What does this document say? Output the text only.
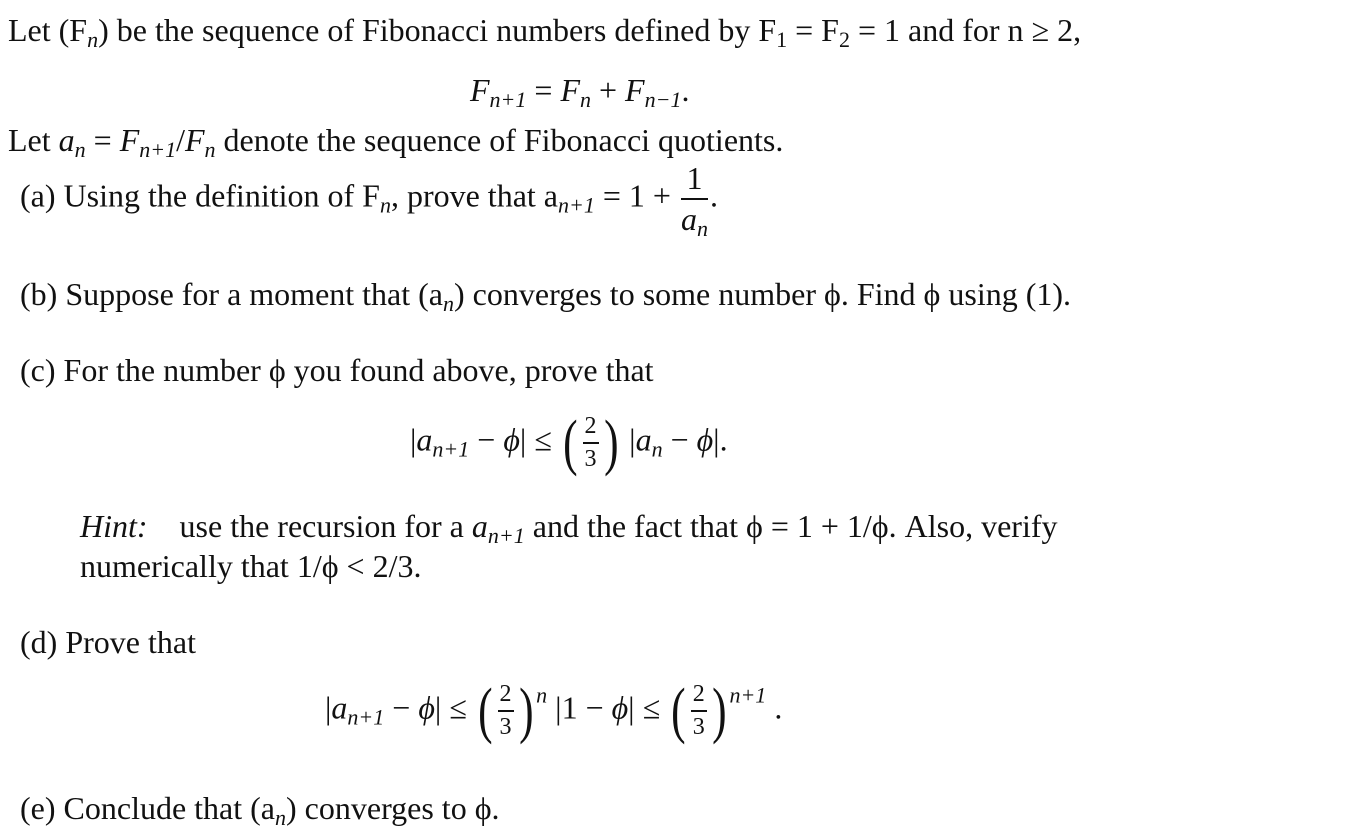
Let $(F_n)$ be the sequence of Fibonacci numbers defined by $F_1 = F_2 = 1$ and for n ≥ 2,
$F_{n+1} = F_n + F_{n-1}$.
Let $a_n = F_{n+1}/F_n$ denote the sequence of Fibonacci quotients.
(a) Using the definition of $F_n$, prove that $a_{n+1} = 1 + \frac{1}{a_n}$ .
(b) Suppose for a moment that $(a_n)$ converges to some number ϕ. Find ϕ using (1).
(c) For the number ϕ you found above, prove that
$|a_{n+1} - \phi|$ ≤ ( $\frac{2}{3}$ ) $|a_n - \phi|$.
Hint: use the recursion for a $a_{n+1}$ and the fact that ϕ = 1 + 1/ϕ. Also, verify
numerically that 1/ϕ < 2/3.
(d) Prove that
$|a_{n+1} - \phi|$ ≤ ( $\frac{2}{3}$ ) $^n$ |1 − ϕ| ≤ ( $\frac{2}{3}$ ) $^{n+1}$ .
(e) Conclude that $(a_n)$ converges to ϕ.
